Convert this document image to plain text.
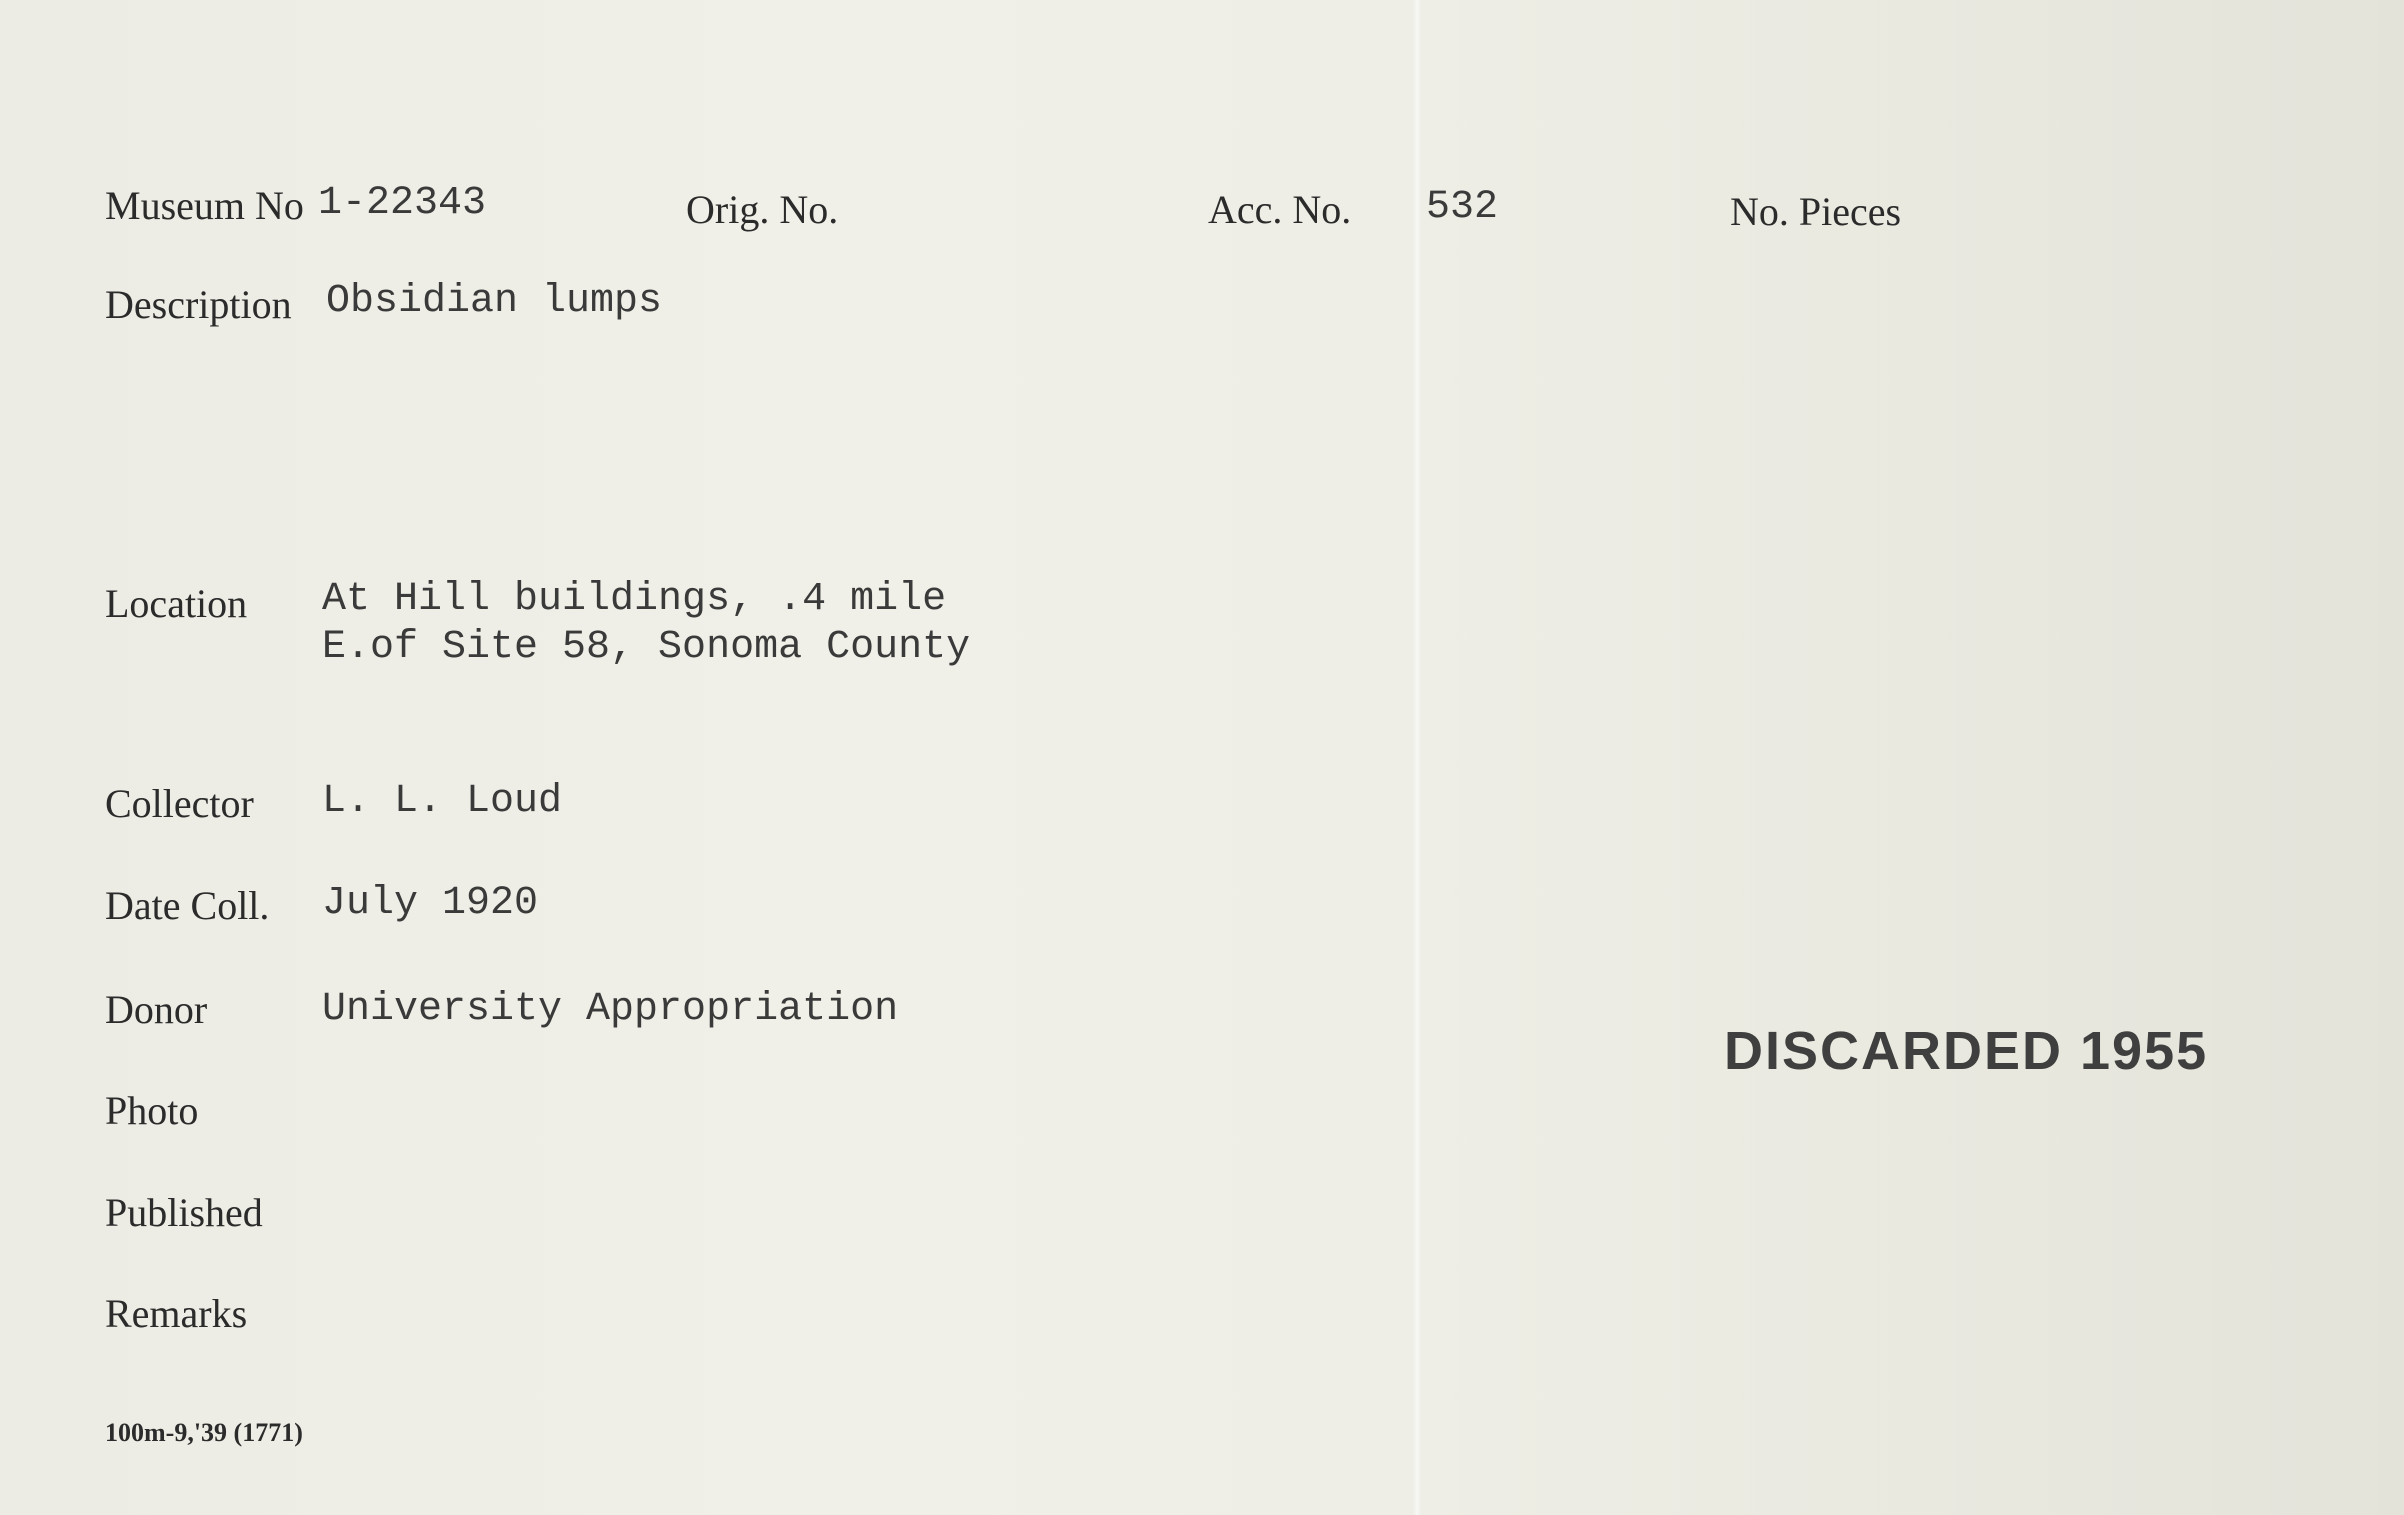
Museum No 1-22343	Orig. No.	Acc. No. 532	No. Pieces
Description Obsidian lumps
Location At Hill buildings, .4 mile
E.of Site 58, Sonoma County
Collector L. L. Loud
Date Coll. July 1920
Donor	University Appropriation
Photo
Published
Remarks
100m-9,'39 (1771)
DISCARDED 1955
